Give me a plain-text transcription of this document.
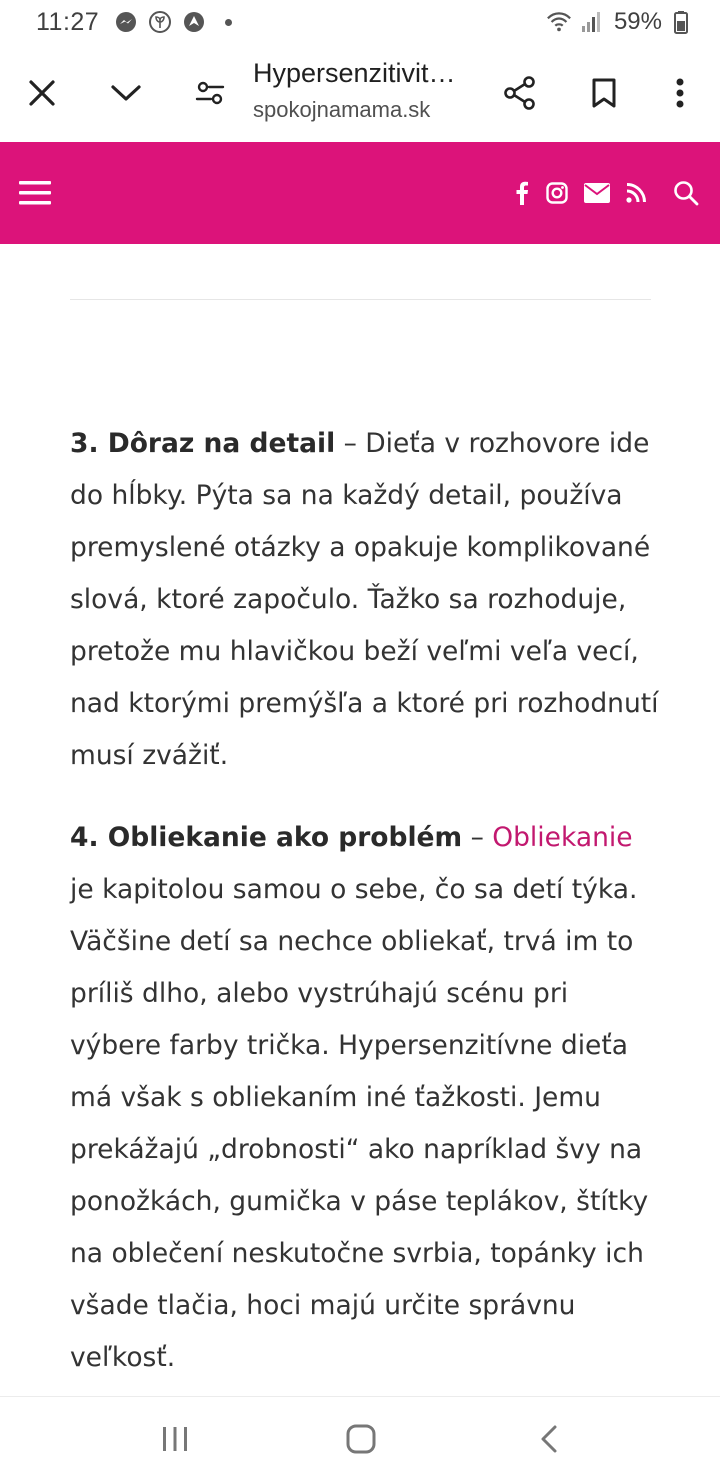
11:27	59%
Hypersenzitivit…
spokojnamama.sk

3. Dôraz na detail – Dieťa v rozhovore ide do hĺbky. Pýta sa na každý detail, používa premyslené otázky a opakuje komplikované slová, ktoré započulo. Ťažko sa rozhoduje, pretože mu hlavičkou beží veľmi veľa vecí, nad ktorými premýšľa a ktoré pri rozhodnutí musí zvážiť.

4. Obliekanie ako problém – Obliekanie je kapitolou samou o sebe, čo sa detí týka. Väčšine detí sa nechce obliekať, trvá im to príliš dlho, alebo vystrúhajú scénu pri výbere farby trička. Hypersenzitívne dieťa má však s obliekaním iné ťažkosti. Jemu prekážajú „drobnosti“ ako napríklad švy na ponožkách, gumička v páse teplákov, štítky na oblečení neskutočne svrbia, topánky ich všade tlačia, hoci majú určite správnu veľkosť.
